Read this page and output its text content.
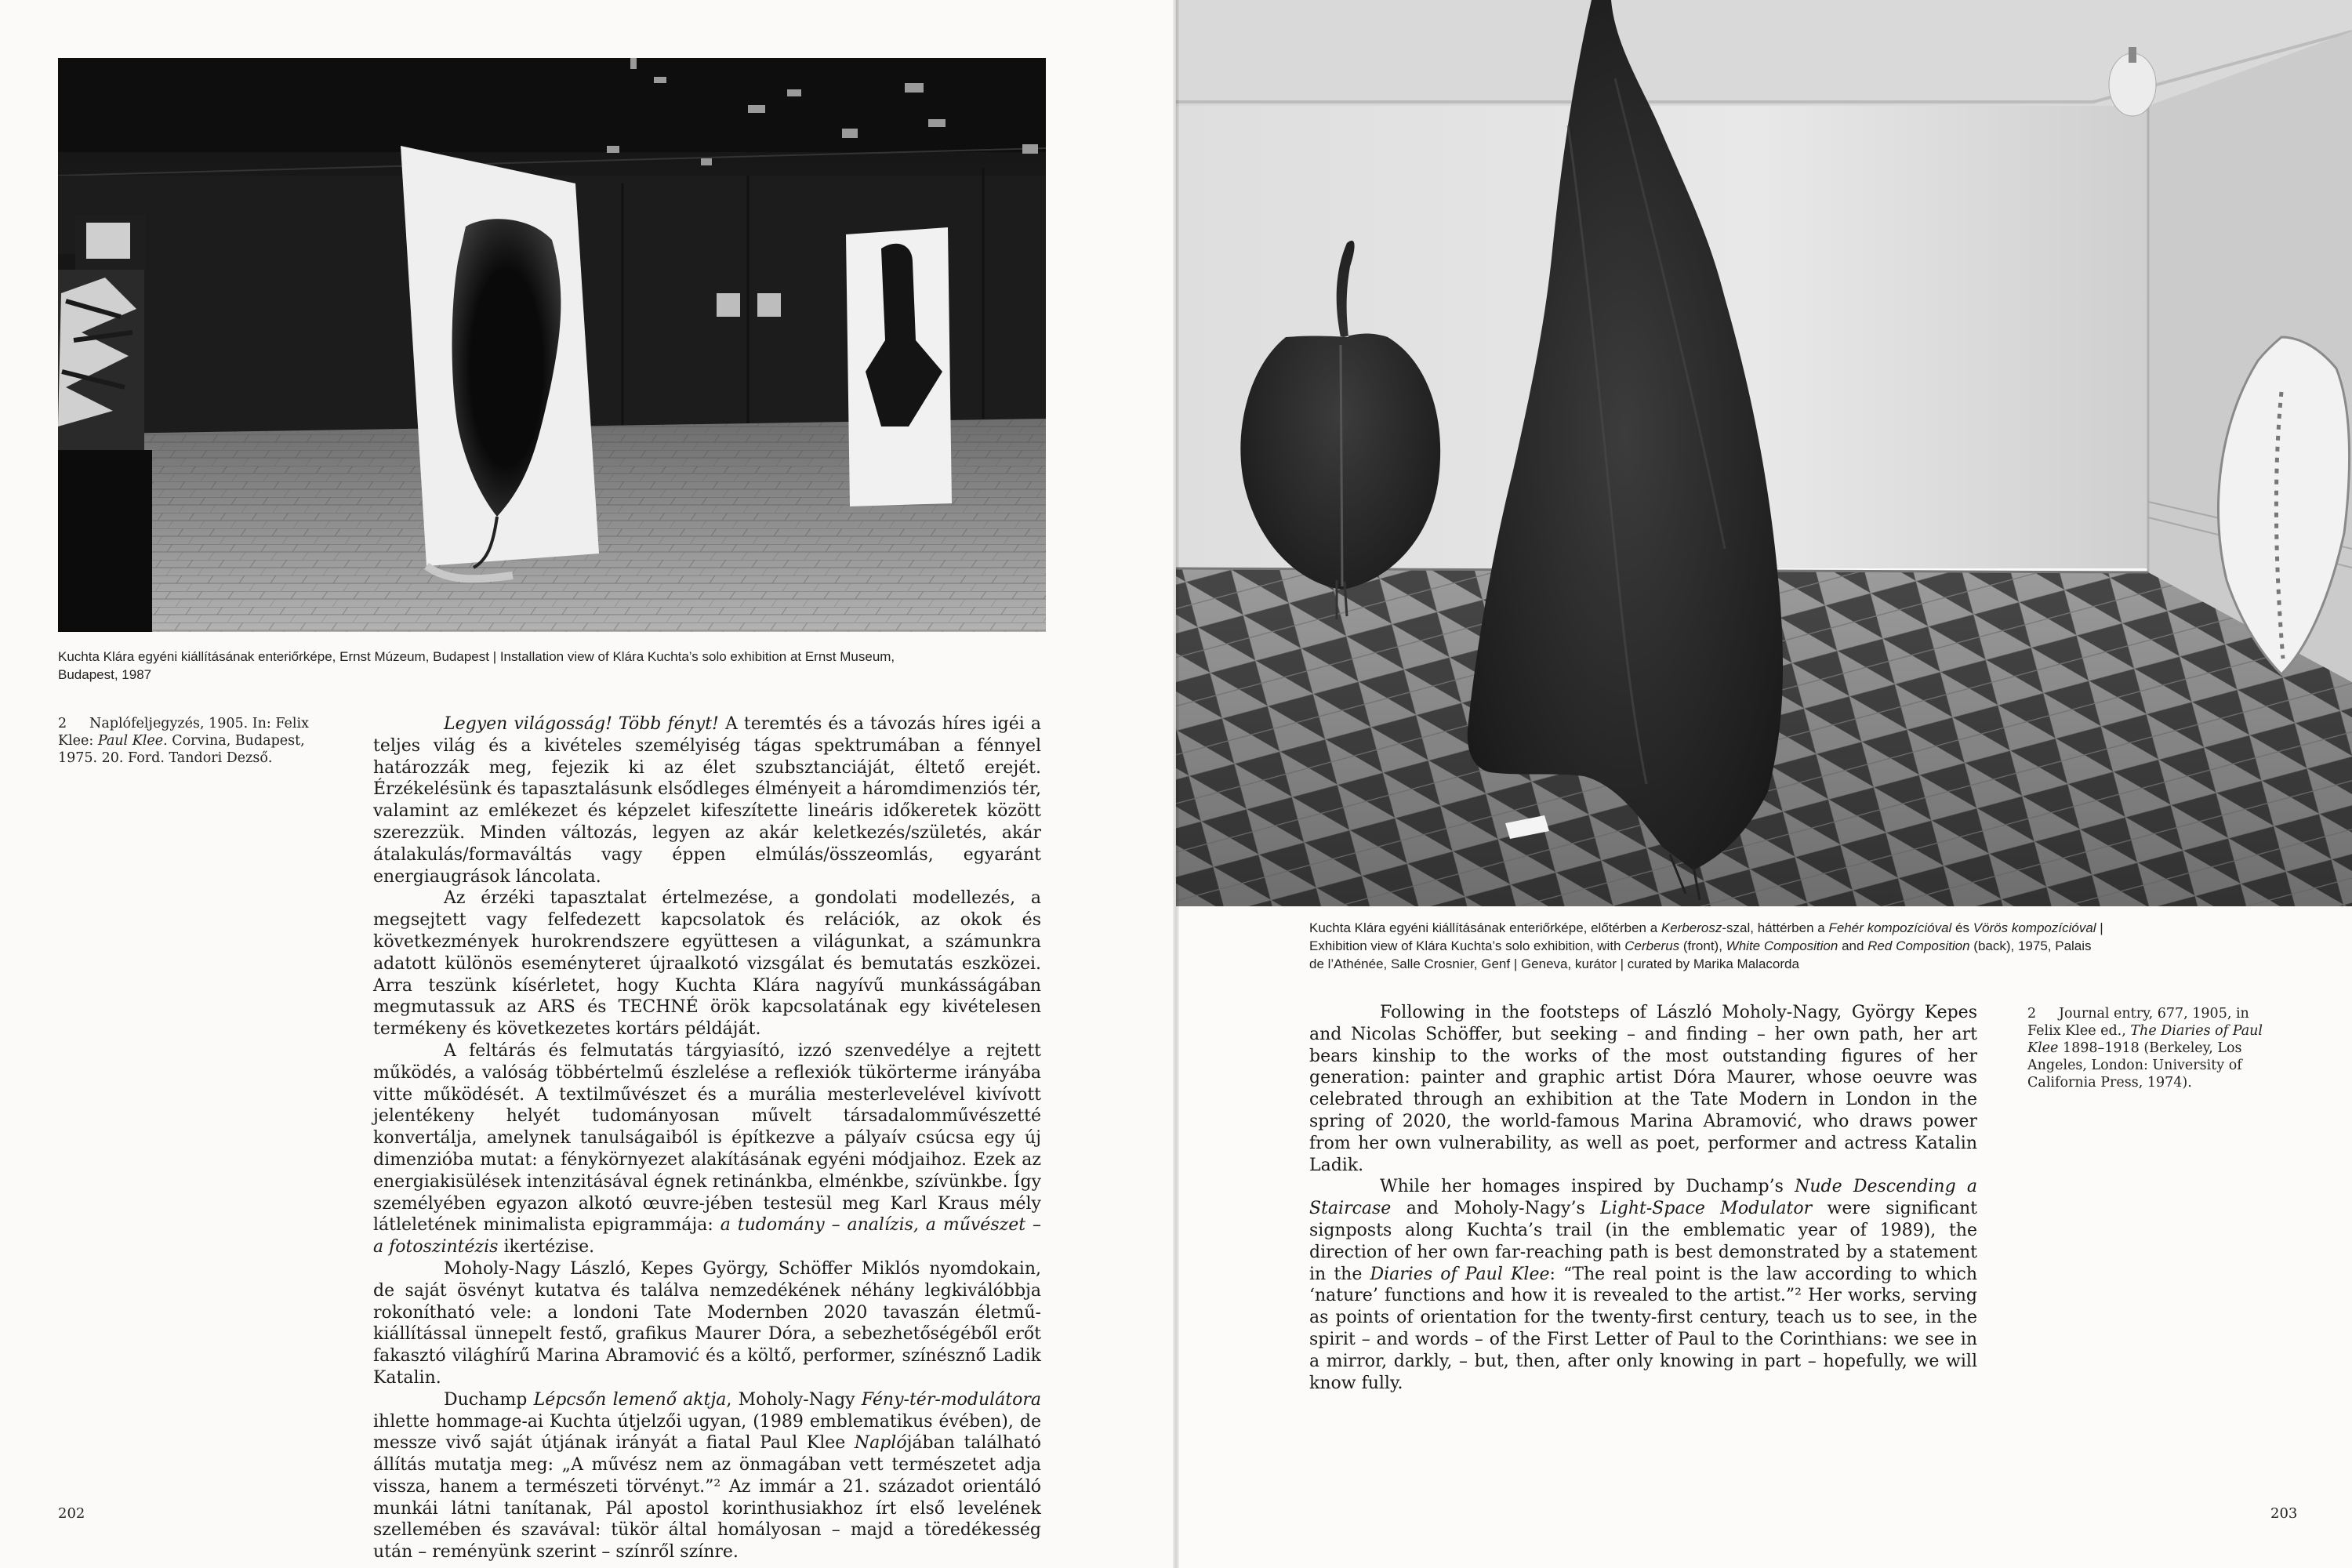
Kuchta Klára egyéni kiállításának enteriőrképe, Ernst Múzeum, Budapest | Installation view of Klára Kuchta’s solo exhibition at Ernst Museum, Budapest, 1987
2 Naplófeljegyzés, 1905. In: Felix Klee: Paul Klee. Corvina, Budapest, 1975. 20. Ford. Tandori Dezső.

Legyen világosság! Több fényt! A teremtés és a távozás híres igéi a teljes világ és a kivételes személyiség tágas spektrumában a fénnyel határozzák meg, fejezik ki az élet szubsztanciáját, éltető erejét. Érzékelésünk és tapasztalásunk elsődleges élményeit a háromdimenziós tér, valamint az emlékezet és képzelet kifeszítette lineáris időkeretek között szerezzük. Minden változás, legyen az akár keletkezés/születés, akár átalakulás/formaváltás vagy éppen elmúlás/összeomlás, egyaránt energiaugrások láncolata.

Az érzéki tapasztalat értelmezése, a gondolati modellezés, a megsejtett vagy felfedezett kapcsolatok és relációk, az okok és következmények hurokrendszere együttesen a világunkat, a számunkra adatott különös eseményteret újraalkotó vizsgálat és bemutatás eszközei. Arra teszünk kísérletet, hogy Kuchta Klára nagyívű munkásságában megmutassuk az ARS és TECHNÉ örök kapcsolatának egy kivételesen termékeny és következetes kortárs példáját.

A feltárás és felmutatás tárgyiasító, izzó szenvedélye a rejtett működés, a valóság többértelmű észlelése a reflexiók tükörterme irányába vitte működését. A textilművészet és a murália mesterlevelével kivívott jelentékeny helyét tudományosan művelt társadalomművészetté konvertálja, amelynek tanulságaiból is építkezve a pályaív csúcsa egy új dimenzióba mutat: a fénykörnyezet alakításának egyéni módjaihoz. Ezek az energiakisülések intenzitásával égnek retinánkba, elménkbe, szívünkbe. Így személyében egyazon alkotó œuvre-jében testesül meg Karl Kraus mély látleletének minimalista epigrammája: a tudomány – analízis, a művészet – a fotoszintézis ikertézise.

Moholy-Nagy László, Kepes György, Schöffer Miklós nyomdokain, de saját ösvényt kutatva és találva nemzedékének néhány legkiválóbbja rokonítható vele: a londoni Tate Modernben 2020 tavaszán életmű-kiállítással ünnepelt festő, grafikus Maurer Dóra, a sebezhetőségéből erőt fakasztó világhírű Marina Abramović és a költő, performer, színésznő Ladik Katalin.

Duchamp Lépcsőn lemenő aktja, Moholy-Nagy Fény-tér-modulátora ihlette hommage-ai Kuchta útjelzői ugyan, (1989 emblematikus évében), de messze vivő saját útjának irányát a fiatal Paul Klee Naplójában található állítás mutatja meg: „A művész nem az önmagában vett természetet adja vissza, hanem a természeti törvényt.”² Az immár a 21. századot orientáló munkái látni tanítanak, Pál apostol korinthusiakhoz írt első levelének szellemében és szavával: tükör által homályosan – majd a töredékesség után – reményünk szerint – színről színre.

202
Kuchta Klára egyéni kiállításának enteriőrképe, előtérben a Kerberosz-szal, háttérben a Fehér kompozícióval és Vörös kompozícióval | Exhibition view of Klára Kuchta’s solo exhibition, with Cerberus (front), White Composition and Red Composition (back), 1975, Palais de l’Athénée, Salle Crosnier, Genf | Geneva, kurátor | curated by Marika Malacorda

Following in the footsteps of László Moholy-Nagy, György Kepes and Nicolas Schöffer, but seeking – and finding – her own path, her art bears kinship to the works of the most outstanding figures of her generation: painter and graphic artist Dóra Maurer, whose oeuvre was celebrated through an exhibition at the Tate Modern in London in the spring of 2020, the world-famous Marina Abramović, who draws power from her own vulnerability, as well as poet, performer and actress Katalin Ladik.

While her homages inspired by Duchamp’s Nude Descending a Staircase and Moholy-Nagy’s Light-Space Modulator were significant signposts along Kuchta’s trail (in the emblematic year of 1989), the direction of her own far-reaching path is best demonstrated by a statement in the Diaries of Paul Klee: “The real point is the law according to which ‘nature’ functions and how it is revealed to the artist.”² Her works, serving as points of orientation for the twenty-first century, teach us to see, in the spirit – and words – of the First Letter of Paul to the Corinthians: we see in a mirror, darkly, – but, then, after only knowing in part – hopefully, we will know fully.

2 Journal entry, 677, 1905, in Felix Klee ed., The Diaries of Paul Klee 1898–1918 (Berkeley, Los Angeles, London: University of California Press, 1974).
203
